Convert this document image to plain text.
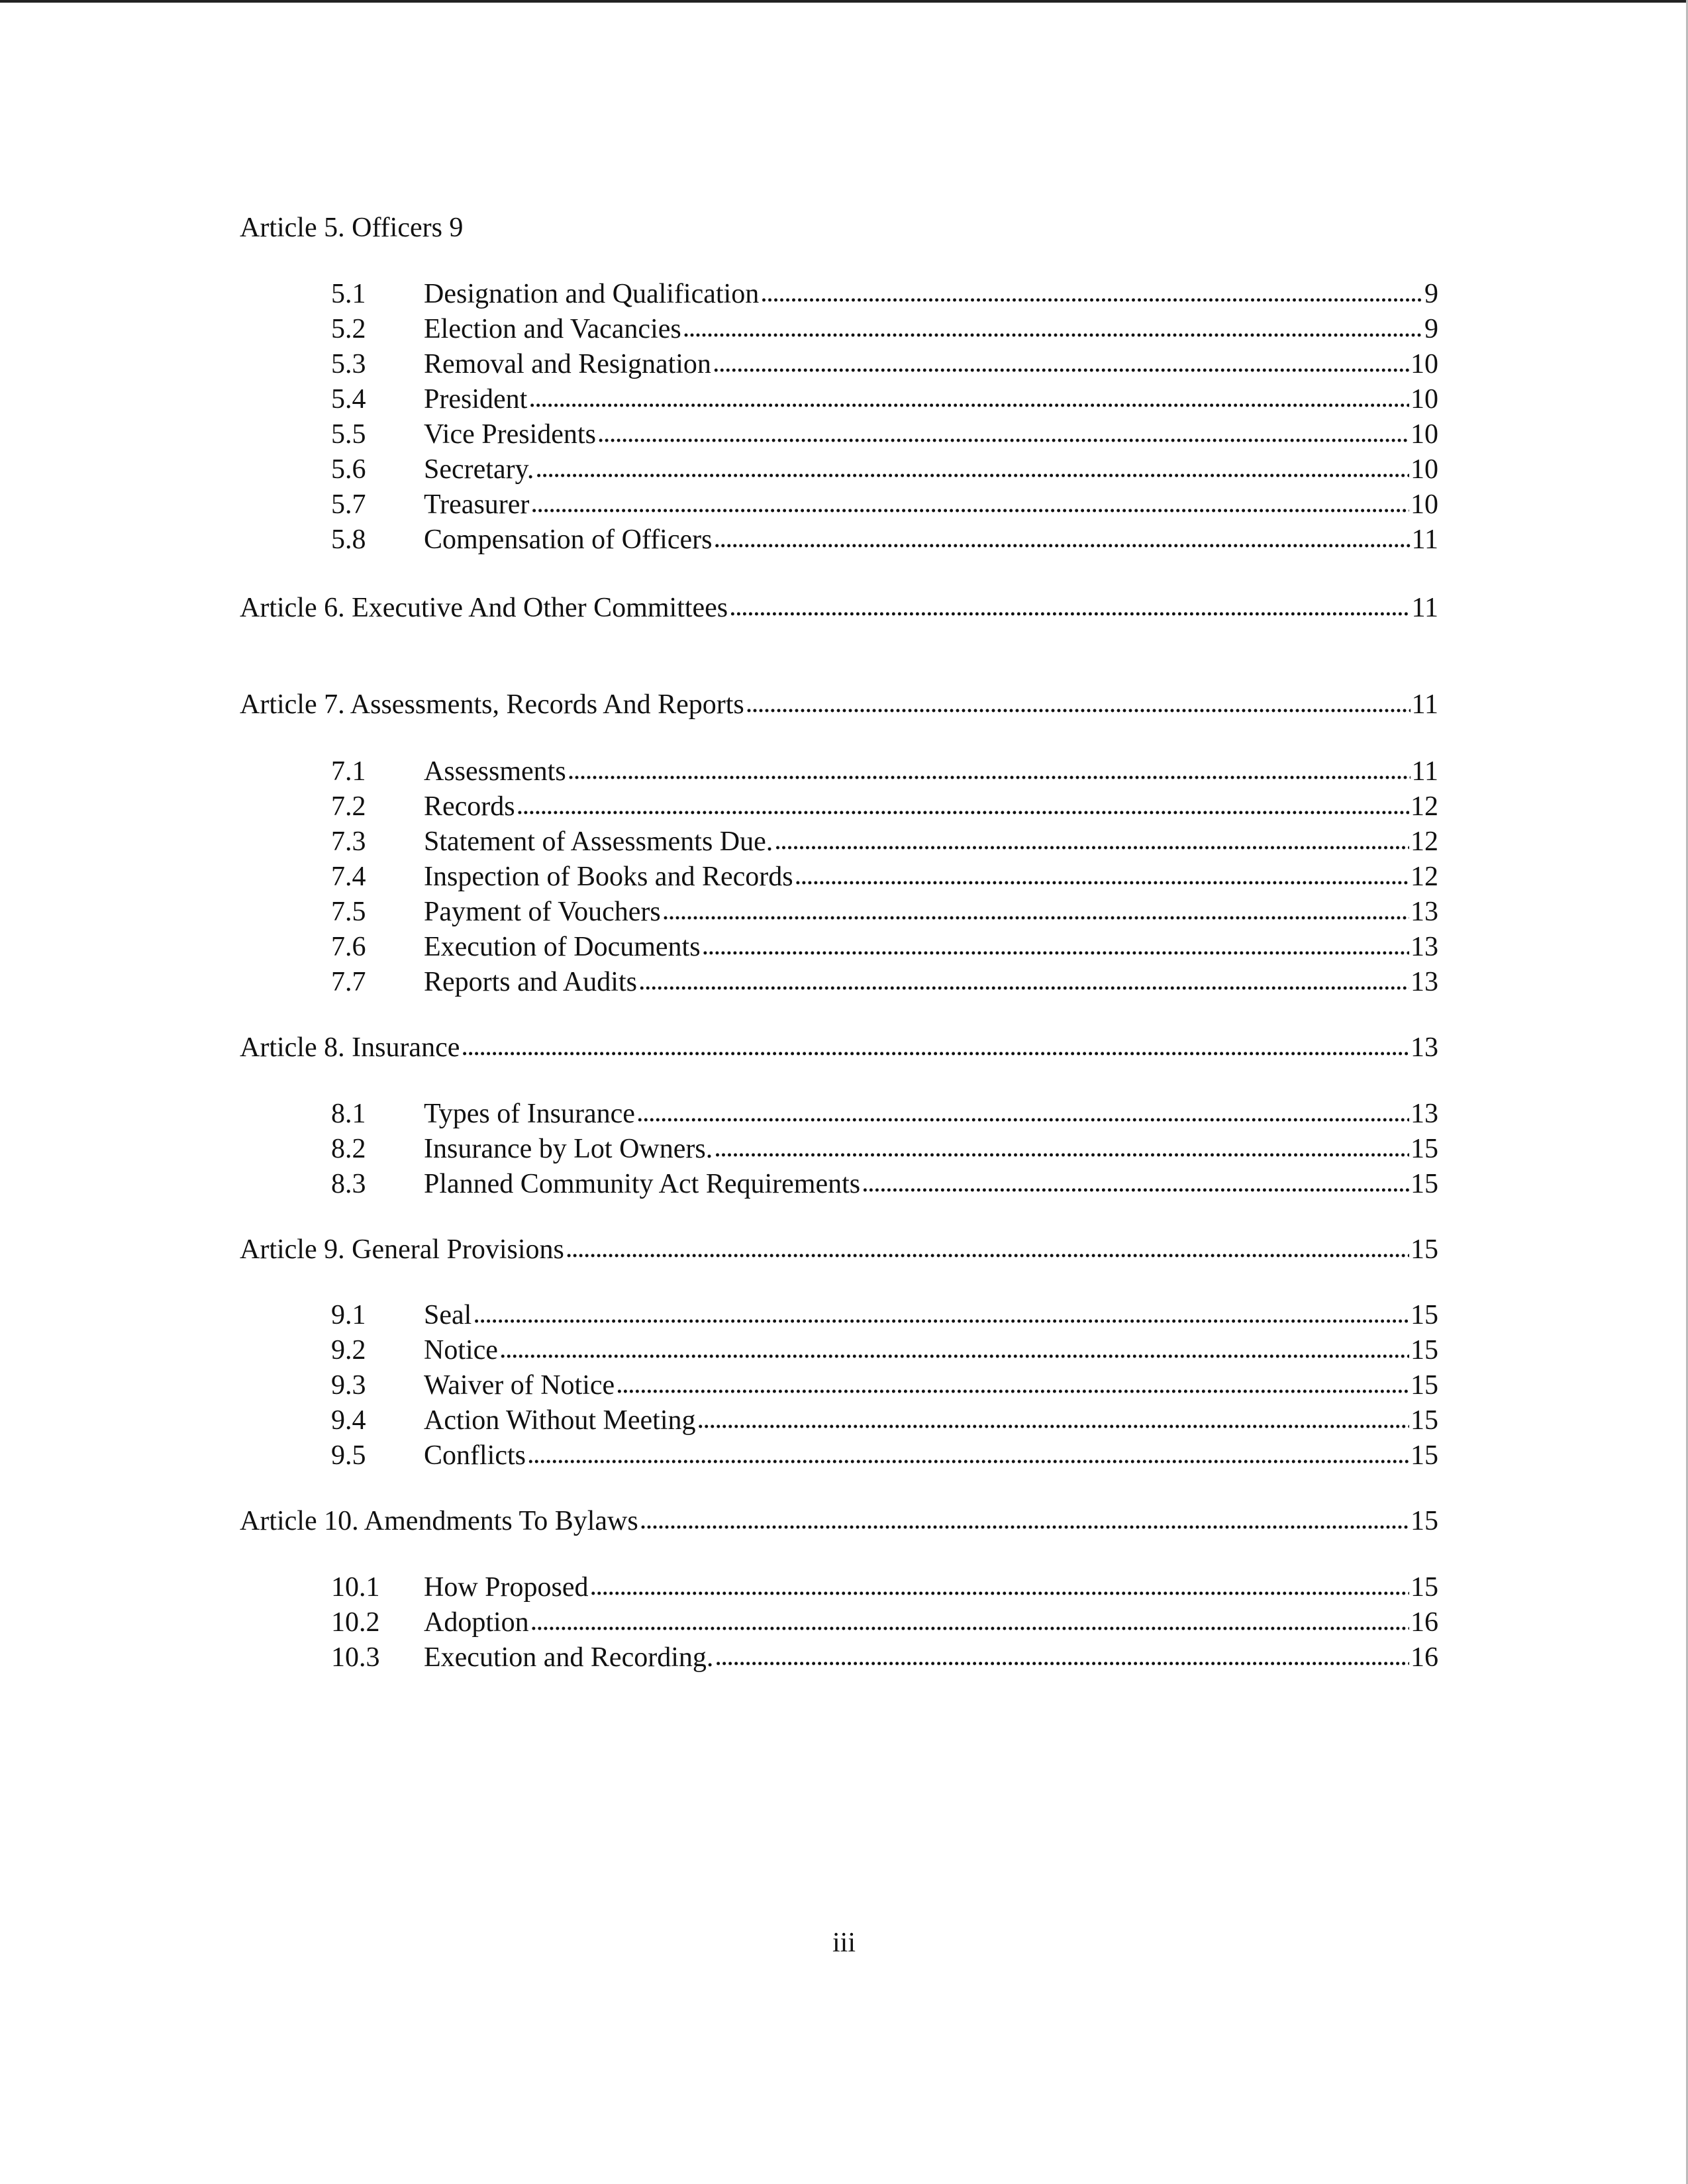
Article 5. Officers 9
5.1	Designation and Qualification . . .	9
5.2	Election and Vacancies . . .	9
5.3	Removal and Resignation . . .	10
5.4	President . . .	10
5.5	Vice Presidents . . .	10
5.6	Secretary. . . .	10
5.7	Treasurer . . .	10
5.8	Compensation of Officers . . .	11
Article 6. Executive And Other Committees . . .	11
Article 7. Assessments, Records And Reports . . .	11
7.1	Assessments . . .	11
7.2	Records . . .	12
7.3	Statement of Assessments Due. . . .	12
7.4	Inspection of Books and Records . . .	12
7.5	Payment of Vouchers . . .	13
7.6	Execution of Documents . . .	13
7.7	Reports and Audits . . .	13
Article 8. Insurance . . .	13
8.1	Types of Insurance . . .	13
8.2	Insurance by Lot Owners. . . .	15
8.3	Planned Community Act Requirements . . .	15
Article 9. General Provisions . . .	15
9.1	Seal . . .	15
9.2	Notice . . .	15
9.3	Waiver of Notice . . .	15
9.4	Action Without Meeting . . .	15
9.5	Conflicts . . .	15
Article 10. Amendments To Bylaws . . .	15
10.1	How Proposed . . .	15
10.2	Adoption . . .	16
10.3	Execution and Recording. . . .	16
iii
